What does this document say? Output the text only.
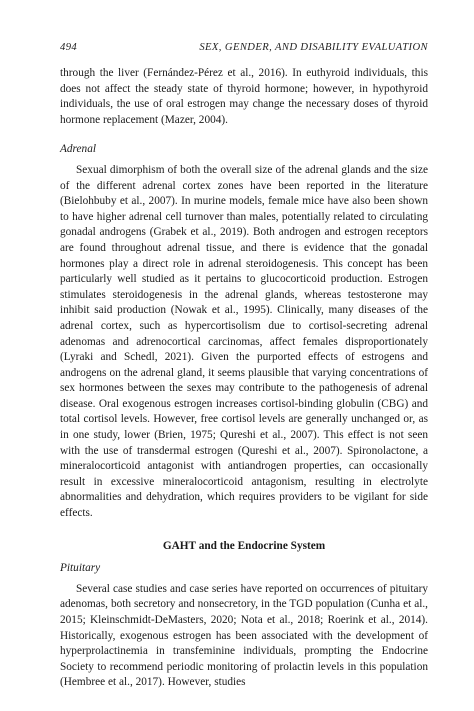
494	SEX, GENDER, AND DISABILITY EVALUATION

through the liver (Fernández-Pérez et al., 2016). In euthyroid individuals, this does not affect the steady state of thyroid hormone; however, in hypothyroid individuals, the use of oral estrogen may change the necessary doses of thyroid hormone replacement (Mazer, 2004).

Adrenal

Sexual dimorphism of both the overall size of the adrenal glands and the size of the different adrenal cortex zones have been reported in the literature (Bielohbuby et al., 2007). In murine models, female mice have also been shown to have higher adrenal cell turnover than males, potentially related to circulating gonadal androgens (Grabek et al., 2019). Both androgen and estrogen receptors are found throughout adrenal tissue, and there is evidence that the gonadal hormones play a direct role in adrenal steroidogenesis. This concept has been particularly well studied as it pertains to glucocorticoid production. Estrogen stimulates steroidogenesis in the adrenal glands, whereas testosterone may inhibit said production (Nowak et al., 1995). Clinically, many diseases of the adrenal cortex, such as hypercortisolism due to cortisol-secreting adrenal adenomas and adrenocortical carcinomas, affect females disproportionately (Lyraki and Schedl, 2021). Given the purported effects of estrogens and androgens on the adrenal gland, it seems plausible that varying concentrations of sex hormones between the sexes may contribute to the pathogenesis of adrenal disease. Oral exogenous estrogen increases cortisol-binding globulin (CBG) and total cortisol levels. However, free cortisol levels are generally unchanged or, as in one study, lower (Brien, 1975; Qureshi et al., 2007). This effect is not seen with the use of transdermal estrogen (Qureshi et al., 2007). Spironolactone, a mineralocorticoid antagonist with antiandrogen properties, can occasionally result in excessive mineralocorticoid antagonism, resulting in electrolyte abnormalities and dehydration, which requires providers to be vigilant for side effects.

GAHT and the Endocrine System
Pituitary

Several case studies and case series have reported on occurrences of pituitary adenomas, both secretory and nonsecretory, in the TGD population (Cunha et al., 2015; Kleinschmidt-DeMasters, 2020; Nota et al., 2018; Roerink et al., 2014). Historically, exogenous estrogen has been associated with the development of hyperprolactinemia in transfeminine individuals, prompting the Endocrine Society to recommend periodic monitoring of prolactin levels in this population (Hembree et al., 2017). However, studies
